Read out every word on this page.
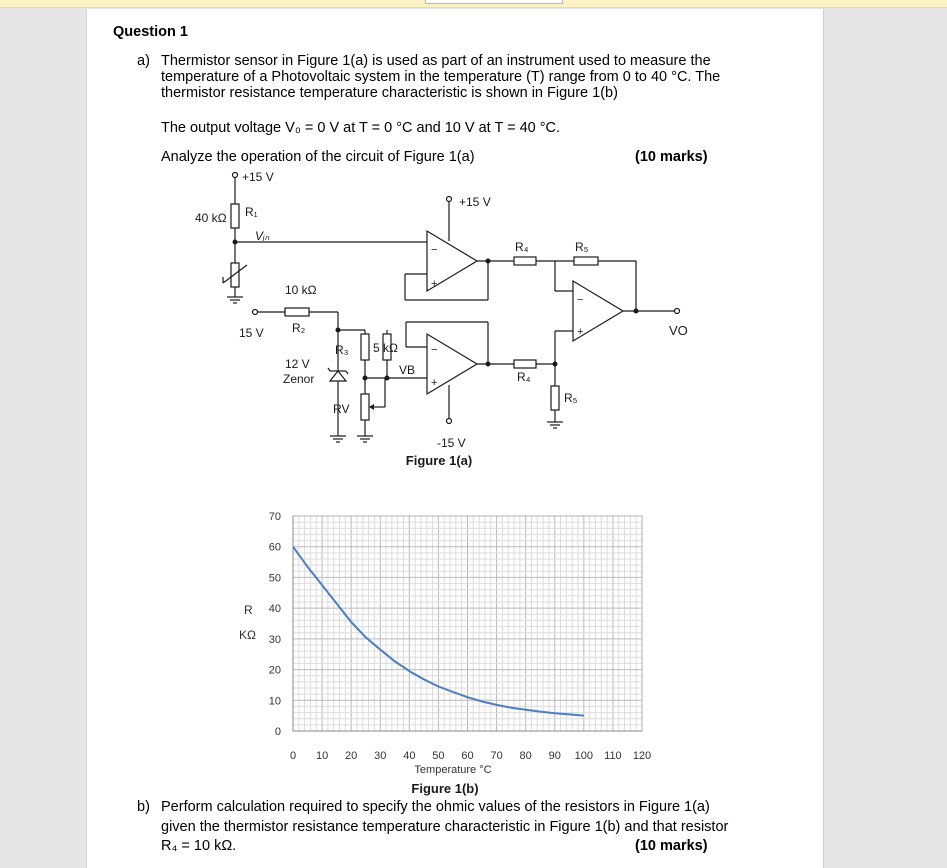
Question 1
a) Thermistor sensor in Figure 1(a) is used as part of an instrument used to measure the
temperature of a Photovoltaic system in the temperature (T) range from 0 to 40 °C. The
thermistor resistance temperature characteristic is shown in Figure 1(b)
The output voltage V₀ = 0 V at T = 0 °C and 10 V at T = 40 °C.
Analyze the operation of the circuit of Figure 1(a)	(10 marks)
+15 V
40 kΩ R₁
Vᵢₙ
+15 V
R₄	R₅
10 kΩ
R₂
15 V
R₃ 5 kΩ
12 V
Zenor
VB
RV
R₄
R₅
VO
-15 V
Figure 1(a)
−
+
−
+
−
+
0 10 20 30 40 50 60 70 80 90 100 110 120
0
10
20
30
40
50
60
70
R
KΩ
Temperature °C
Figure 1(b)
b) Perform calculation required to specify the ohmic values of the resistors in Figure 1(a)
given the thermistor resistance temperature characteristic in Figure 1(b) and that resistor
R₄ = 10 kΩ.	(10 marks)
